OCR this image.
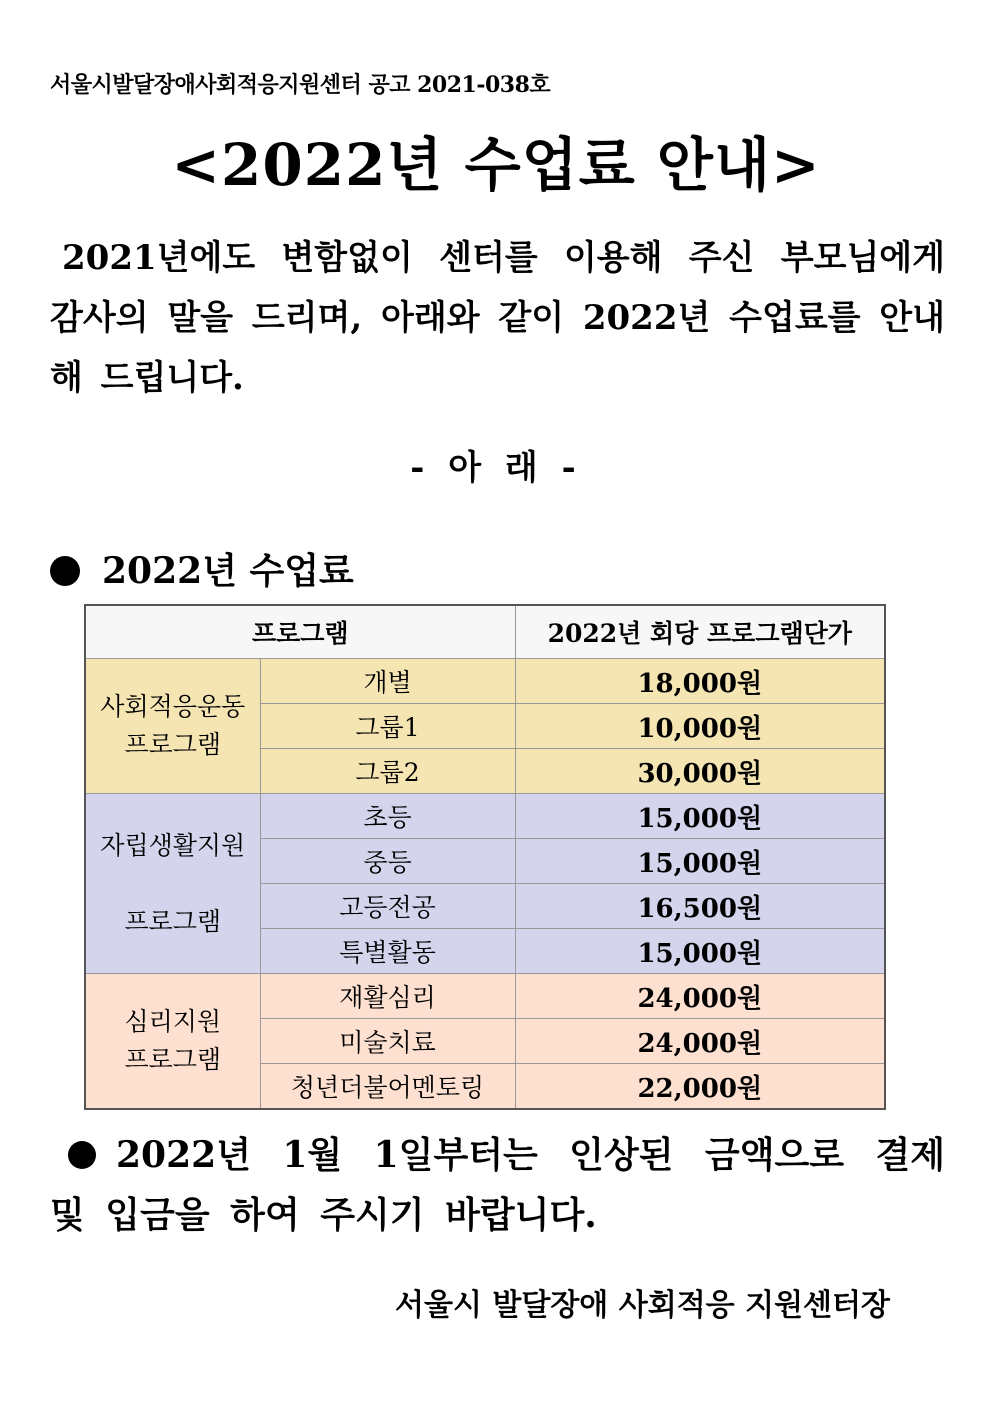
서울시발달장애사회적응지원센터 공고 2021-038호
<2022년 수업료 안내>
2021년에도 변함없이 센터를 이용해 주신 부모님에게 감사의 말을 드리며, 아래와 같이 2022년 수업료를 안내해 드립니다.
- 아 래 -
2022년 수업료
프로그램		2022년 회당 프로그램단가
사회적응운동
프로그램	개별	18,000원
	그룹1	10,000원
	그룹2	30,000원
자립생활지원

프로그램	초등	15,000원
	중등	15,000원
	고등전공	16,500원
	특별활동	15,000원
심리지원
프로그램	재활심리	24,000원
	미술치료	24,000원
	청년더불어멘토링	22,000원
2022년 1월 1일부터는 인상된 금액으로 결제 및 입금을 하여 주시기 바랍니다.
서울시 발달장애 사회적응 지원센터장
